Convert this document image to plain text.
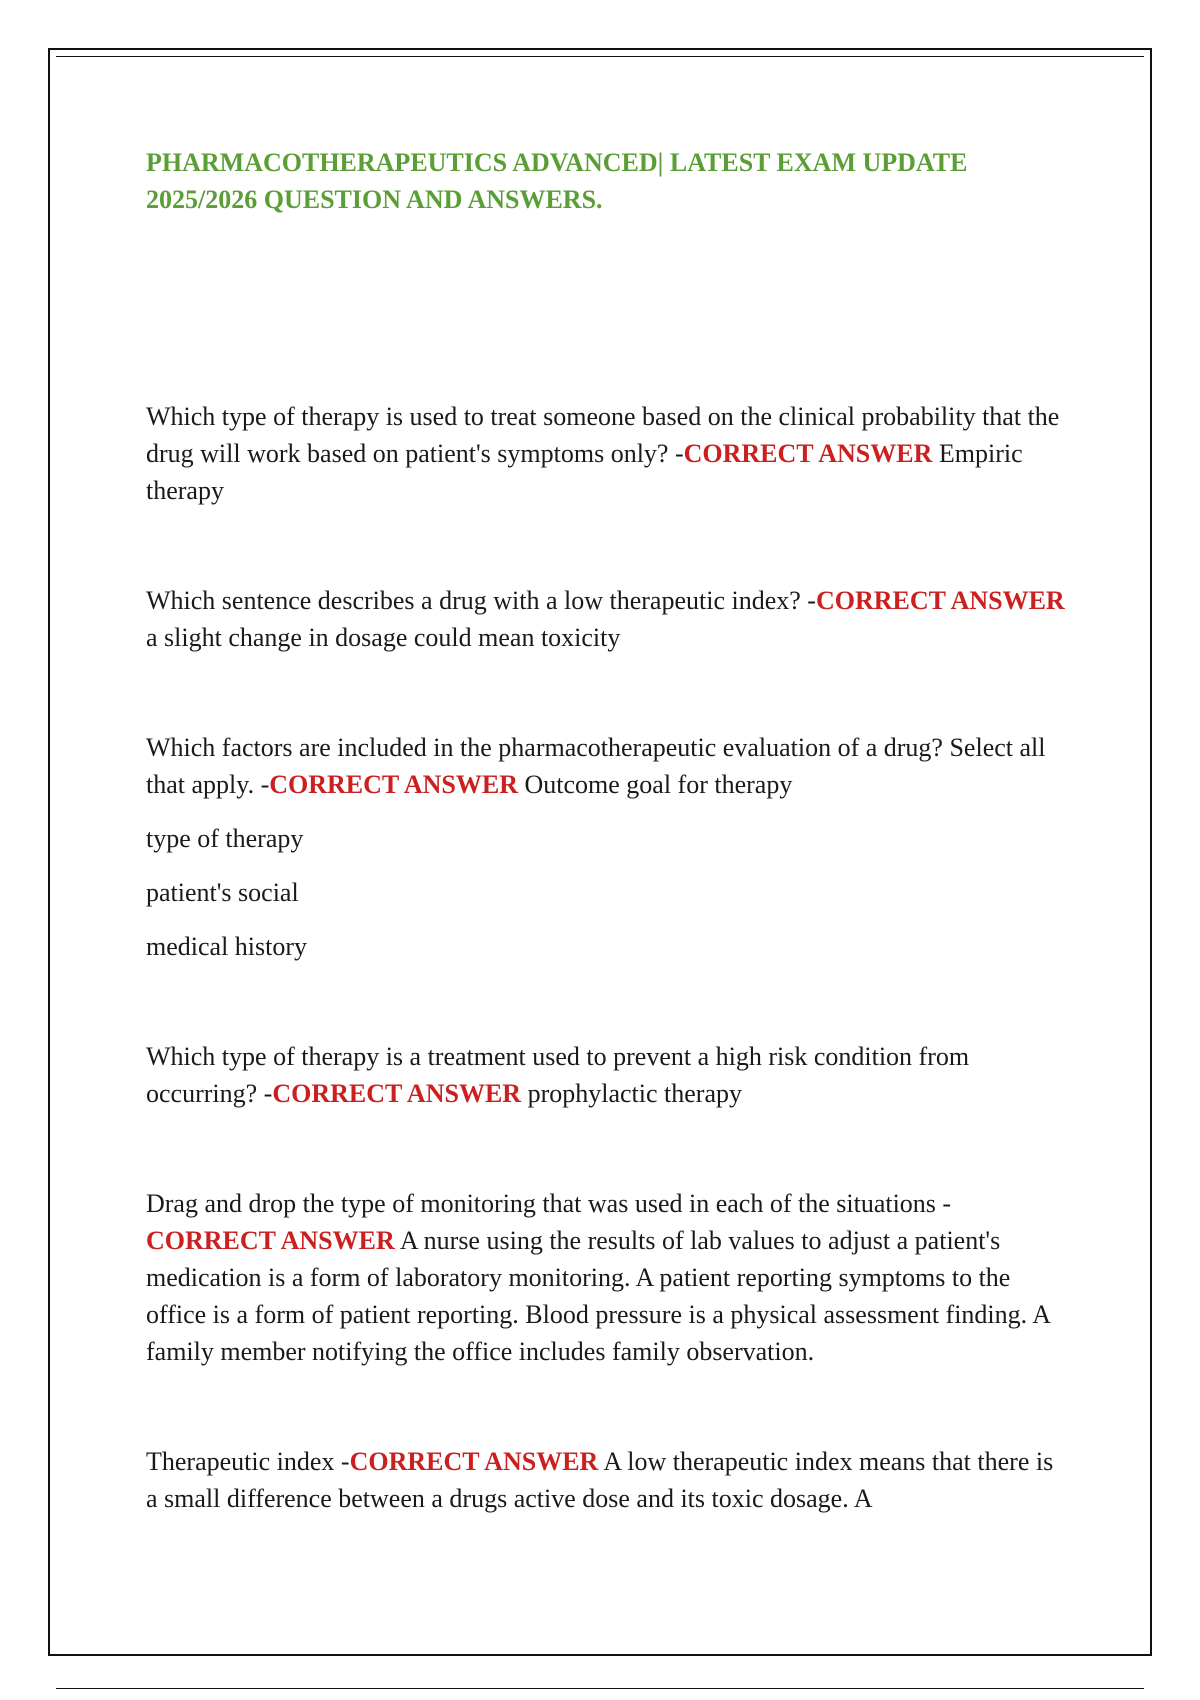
PHARMACOTHERAPEUTICS ADVANCED| LATEST EXAM UPDATE 2025/2026 QUESTION AND ANSWERS.

Which type of therapy is used to treat someone based on the clinical probability that the drug will work based on patient's symptoms only? -CORRECT ANSWER Empiric therapy

Which sentence describes a drug with a low therapeutic index? -CORRECT ANSWER a slight change in dosage could mean toxicity

Which factors are included in the pharmacotherapeutic evaluation of a drug? Select all that apply. -CORRECT ANSWER Outcome goal for therapy

type of therapy

patient's social

medical history

Which type of therapy is a treatment used to prevent a high risk condition from occurring? -CORRECT ANSWER prophylactic therapy

Drag and drop the type of monitoring that was used in each of the situations - CORRECT ANSWER A nurse using the results of lab values to adjust a patient's medication is a form of laboratory monitoring. A patient reporting symptoms to the office is a form of patient reporting. Blood pressure is a physical assessment finding. A family member notifying the office includes family observation.

Therapeutic index -CORRECT ANSWER A low therapeutic index means that there is a small difference between a drugs active dose and its toxic dosage. A
